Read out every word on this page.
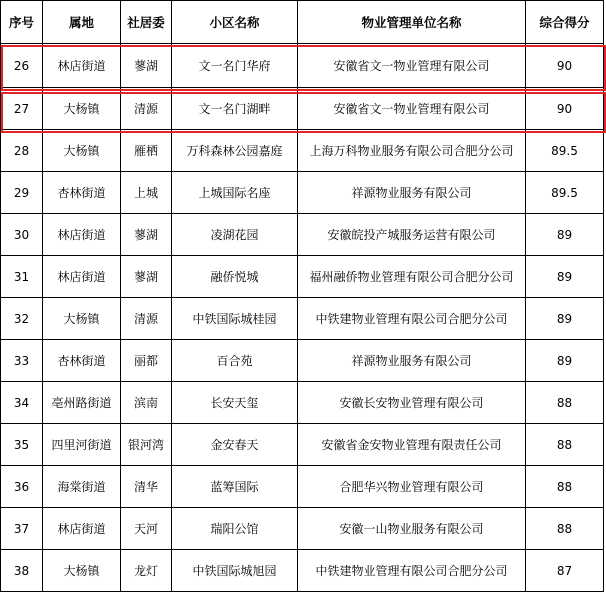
序号	属地	社居委	小区名称	物业管理单位名称	综合得分
26	林店街道	蓼湖	文一名门华府	安徽省文一物业管理有限公司	90
27	大杨镇	清源	文一名门湖畔	安徽省文一物业管理有限公司	90
28	大杨镇	雁栖	万科森林公园嘉庭	上海万科物业服务有限公司合肥分公司	89.5
29	杏林街道	上城	上城国际名座	祥源物业服务有限公司	89.5
30	林店街道	蓼湖	凌湖花园	安徽皖投产城服务运营有限公司	89
31	林店街道	蓼湖	融侨悦城	福州融侨物业管理有限公司合肥分公司	89
32	大杨镇	清源	中铁国际城桂园	中铁建物业管理有限公司合肥分公司	89
33	杏林街道	丽都	百合苑	祥源物业服务有限公司	89
34	亳州路街道	滨南	长安天玺	安徽长安物业管理有限公司	88
35	四里河街道	银河湾	金安春天	安徽省金安物业管理有限责任公司	88
36	海棠街道	清华	蓝筹国际	合肥华兴物业管理有限公司	88
37	林店街道	天河	瑞阳公馆	安徽一山物业服务有限公司	88
38	大杨镇	龙灯	中铁国际城旭园	中铁建物业管理有限公司合肥分公司	87
